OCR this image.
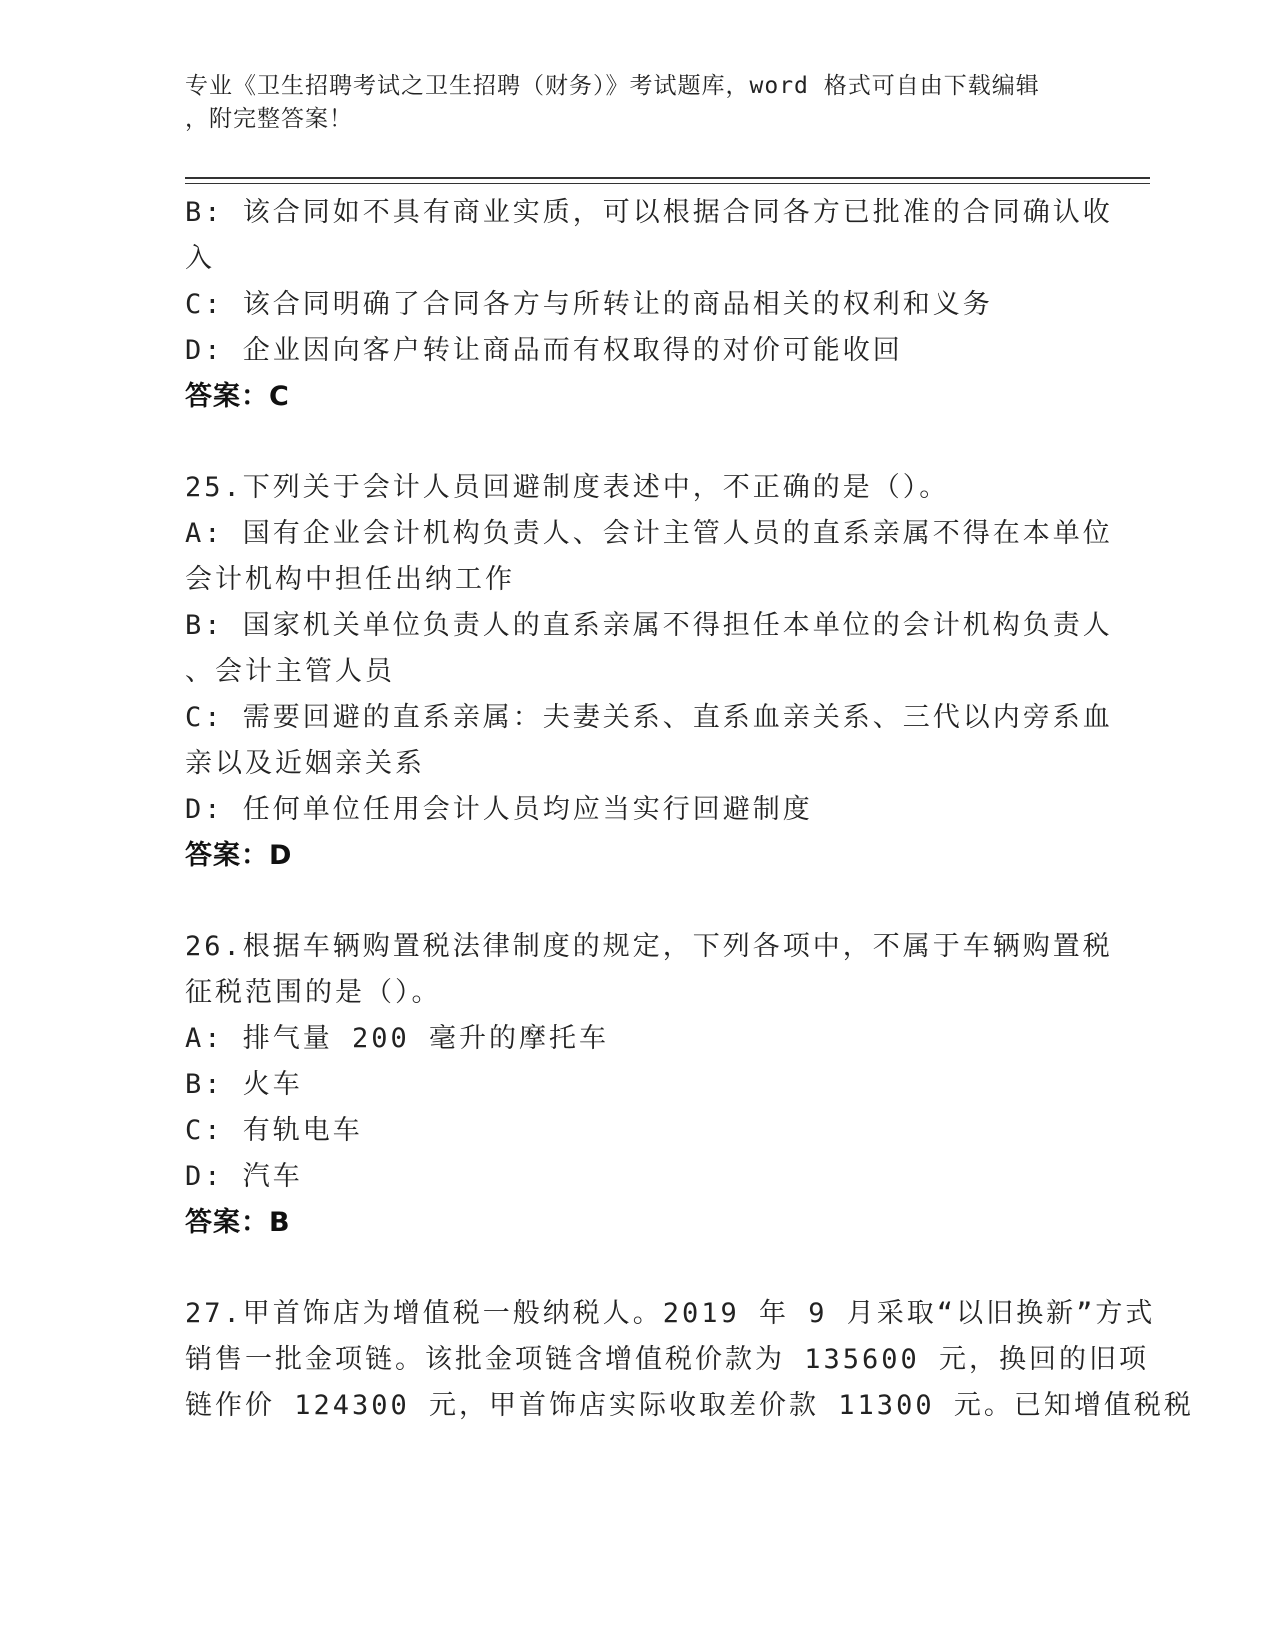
专业《卫生招聘考试之卫生招聘（财务）》考试题库，word 格式可自由下载编辑
，附完整答案！
B: 该合同如不具有商业实质，可以根据合同各方已批准的合同确认收
入
C: 该合同明确了合同各方与所转让的商品相关的权利和义务
D: 企业因向客户转让商品而有权取得的对价可能收回
答案：C
25.下列关于会计人员回避制度表述中，不正确的是（）。
A: 国有企业会计机构负责人、会计主管人员的直系亲属不得在本单位
会计机构中担任出纳工作
B: 国家机关单位负责人的直系亲属不得担任本单位的会计机构负责人
、会计主管人员
C: 需要回避的直系亲属：夫妻关系、直系血亲关系、三代以内旁系血
亲以及近姻亲关系
D: 任何单位任用会计人员均应当实行回避制度
答案：D
26.根据车辆购置税法律制度的规定，下列各项中，不属于车辆购置税
征税范围的是（）。
A: 排气量 200 毫升的摩托车
B: 火车
C: 有轨电车
D: 汽车
答案：B
27.甲首饰店为增值税一般纳税人。2019 年 9 月采取“以旧换新”方式
销售一批金项链。该批金项链含增值税价款为 135600 元，换回的旧项
链作价 124300 元，甲首饰店实际收取差价款 11300 元。已知增值税税
